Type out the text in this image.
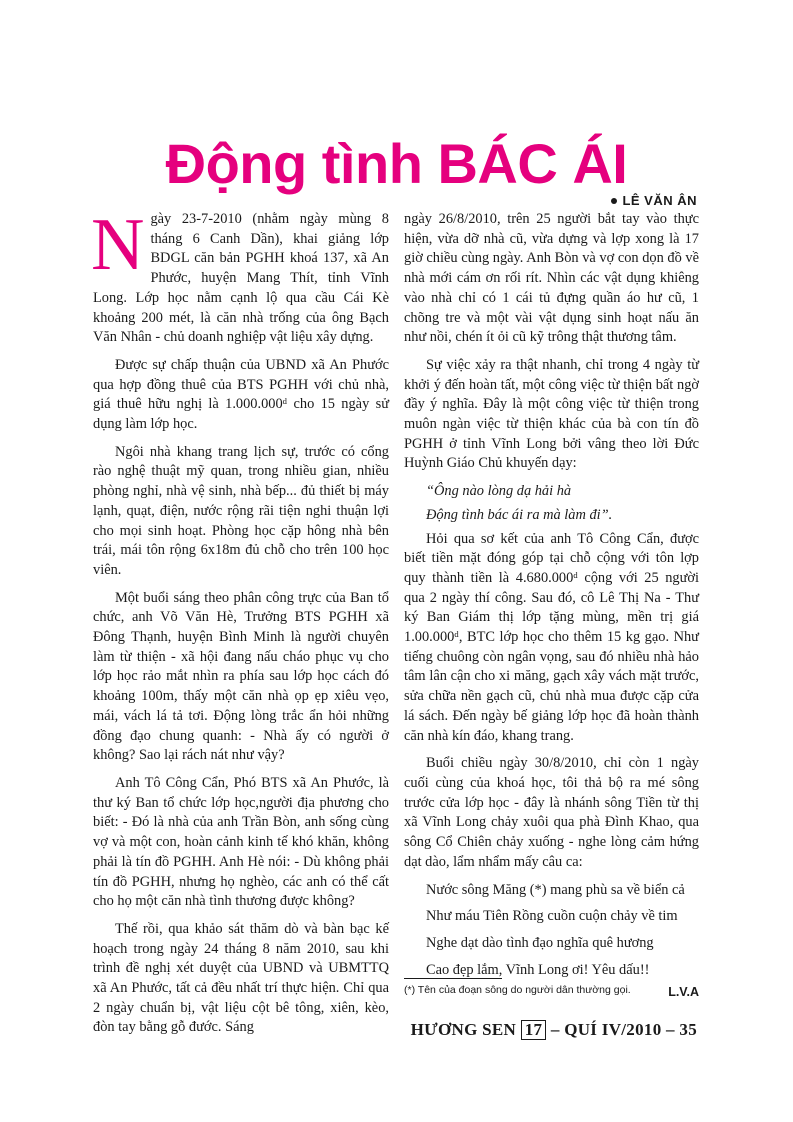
Động tình BÁC ÁI
LÊ VĂN ÂN

Ngày 23-7-2010 (nhằm ngày mùng 8 tháng 6 Canh Dần), khai giảng lớp BDGL căn bản PGHH khoá 137, xã An Phước, huyện Mang Thít, tỉnh Vĩnh Long. Lớp học nằm cạnh lộ qua cầu Cái Kè khoảng 200 mét, là căn nhà trống của ông Bạch Văn Nhân - chủ doanh nghiệp vật liệu xây dựng.

Được sự chấp thuận của UBND xã An Phước qua hợp đồng thuê của BTS PGHH với chủ nhà, giá thuê hữu nghị là 1.000.000ᵈ cho 15 ngày sử dụng làm lớp học.

Ngôi nhà khang trang lịch sự, trước có cổng rào nghệ thuật mỹ quan, trong nhiều gian, nhiều phòng nghỉ, nhà vệ sinh, nhà bếp... đủ thiết bị máy lạnh, quạt, điện, nước rộng rãi tiện nghi thuận lợi cho mọi sinh hoạt. Phòng học cặp hông nhà bên trái, mái tôn rộng 6x18m đủ chỗ cho trên 100 học viên.

Một buổi sáng theo phân công trực của Ban tổ chức, anh Võ Văn Hè, Trưởng BTS PGHH xã Đông Thạnh, huyện Bình Minh là người chuyên làm từ thiện - xã hội đang nấu cháo phục vụ cho lớp học rảo mắt nhìn ra phía sau lớp học cách đó khoảng 100m, thấy một căn nhà ọp ẹp xiêu vẹo, mái, vách lá tả tơi. Động lòng trắc ẩn hỏi những đồng đạo chung quanh: - Nhà ấy có người ở không? Sao lại rách nát như vậy?

Anh Tô Công Cẩn, Phó BTS xã An Phước, là thư ký Ban tổ chức lớp học,người địa phương cho biết: - Đó là nhà của anh Trần Bòn, anh sống cùng vợ và một con, hoàn cảnh kinh tế khó khăn, không phải là tín đồ PGHH. Anh Hè nói: - Dù không phải tín đồ PGHH, nhưng họ nghèo, các anh có thể cất cho họ một căn nhà tình thương được không?

Thế rồi, qua khảo sát thăm dò và bàn bạc kế hoạch trong ngày 24 tháng 8 năm 2010, sau khi trình đề nghị xét duyệt của UBND và UBMTTQ xã An Phước, tất cả đều nhất trí thực hiện. Chỉ qua 2 ngày chuẩn bị, vật liệu cột bê tông, xiên, kèo, đòn tay bằng gỗ đước. Sáng

ngày 26/8/2010, trên 25 người bắt tay vào thực hiện, vừa dỡ nhà cũ, vừa dựng và lợp xong là 17 giờ chiều cùng ngày. Anh Bòn và vợ con dọn đồ về nhà mới cám ơn rối rít. Nhìn các vật dụng khiêng vào nhà chỉ có 1 cái tủ đựng quần áo hư cũ, 1 chõng tre và một vài vật dụng sinh hoạt nấu ăn như nồi, chén ít ỏi cũ kỹ trông thật thương tâm.

Sự việc xảy ra thật nhanh, chỉ trong 4 ngày từ khởi ý đến hoàn tất, một công việc từ thiện bất ngờ đầy ý nghĩa. Đây là một công việc từ thiện trong muôn ngàn việc từ thiện khác của bà con tín đồ PGHH ở tỉnh Vĩnh Long bởi vâng theo lời Đức Huỳnh Giáo Chủ khuyến dạy:

“Ông nào lòng dạ hải hà

Động tình bác ái ra mà làm đi”.

Hỏi qua sơ kết của anh Tô Công Cẩn, được biết tiền mặt đóng góp tại chỗ cộng với tôn lợp quy thành tiền là 4.680.000ᵈ cộng với 25 người qua 2 ngày thí công. Sau đó, cô Lê Thị Na - Thư ký Ban Giám thị lớp tặng mùng, mền trị giá 1.00.000ᵈ, BTC lớp học cho thêm 15 kg gạo. Như tiếng chuông còn ngân vọng, sau đó nhiều nhà hảo tâm lân cận cho xi măng, gạch xây vách mặt trước, sửa chữa nền gạch cũ, chủ nhà mua được cặp cửa lá sách. Đến ngày bế giảng lớp học đã hoàn thành căn nhà kín đáo, khang trang.

Buổi chiều ngày 30/8/2010, chỉ còn 1 ngày cuối cùng của khoá học, tôi thả bộ ra mé sông trước cửa lớp học - đây là nhánh sông Tiền từ thị xã Vĩnh Long chảy xuôi qua phà Đình Khao, qua sông Cổ Chiên chảy xuống - nghe lòng cảm hứng dạt dào, lẩm nhẩm mấy câu ca:

Nước sông Măng (*) mang phù sa về biển cả

Như máu Tiên Rồng cuồn cuộn chảy về tim

Nghe dạt dào tình đạo nghĩa quê hương

Cao đẹp lắm, Vĩnh Long ơi! Yêu dấu!!

L.V.A
(*) Tên của đoạn sông do người dân thường gọi.
HƯƠNG SEN 17 – QUÍ IV/2010 – 35
